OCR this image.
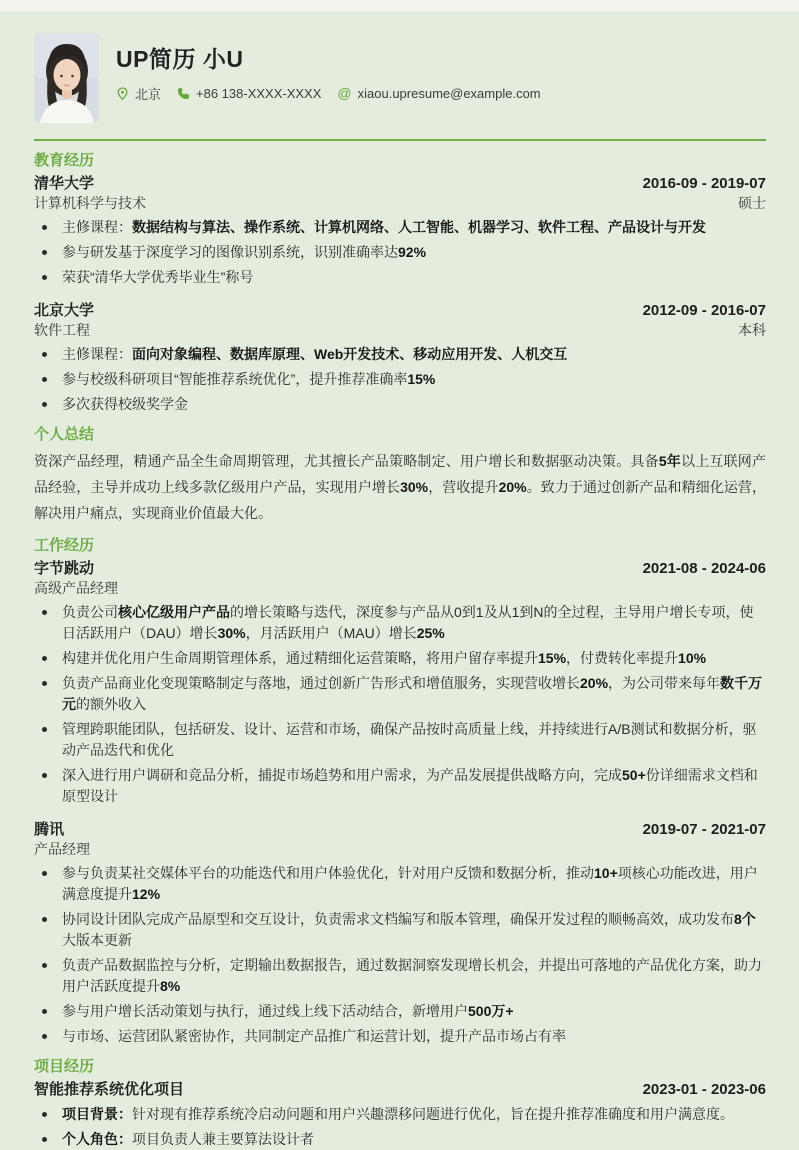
UP简历 小U
北京	+86 138-XXXX-XXXX @ xiaou.upresume@example.com
教育经历
清华大学	2016-09 - 2019-07
计算机科学与技术	硕士
主修课程：数据结构与算法、操作系统、计算机网络、人工智能、机器学习、软件工程、产品设计与开发
参与研发基于深度学习的图像识别系统，识别准确率达92%
荣获“清华大学优秀毕业生”称号
北京大学	2012-09 - 2016-07
软件工程	本科
主修课程：面向对象编程、数据库原理、Web开发技术、移动应用开发、人机交互
参与校级科研项目“智能推荐系统优化”，提升推荐准确率15%
多次获得校级奖学金
个人总结

资深产品经理，精通产品全生命周期管理，尤其擅长产品策略制定、用户增长和数据驱动决策。具备5年以上互联网产品经验，主导并成功上线多款亿级用户产品，实现用户增长30%，营收提升20%。致力于通过创新产品和精细化运营，解决用户痛点，实现商业价值最大化。

工作经历
字节跳动	2021-08 - 2024-06
高级产品经理
负责公司核心亿级用户产品的增长策略与迭代，深度参与产品从0到1及从1到N的全过程，主导用户增长专项，使日活跃用户（DAU）增长30%，月活跃用户（MAU）增长25%
构建并优化用户生命周期管理体系，通过精细化运营策略，将用户留存率提升15%，付费转化率提升10%
负责产品商业化变现策略制定与落地，通过创新广告形式和增值服务，实现营收增长20%，为公司带来每年数千万元的额外收入
管理跨职能团队，包括研发、设计、运营和市场，确保产品按时高质量上线，并持续进行A/B测试和数据分析，驱动产品迭代和优化
深入进行用户调研和竞品分析，捕捉市场趋势和用户需求，为产品发展提供战略方向，完成50+份详细需求文档和原型设计
腾讯	2019-07 - 2021-07
产品经理
参与负责某社交媒体平台的功能迭代和用户体验优化，针对用户反馈和数据分析，推动10+项核心功能改进，用户满意度提升12%
协同设计团队完成产品原型和交互设计，负责需求文档编写和版本管理，确保开发过程的顺畅高效，成功发布8个大版本更新
负责产品数据监控与分析，定期输出数据报告，通过数据洞察发现增长机会，并提出可落地的产品优化方案，助力用户活跃度提升8%
参与用户增长活动策划与执行，通过线上线下活动结合，新增用户500万+
与市场、运营团队紧密协作，共同制定产品推广和运营计划，提升产品市场占有率
项目经历
智能推荐系统优化项目	2023-01 - 2023-06
项目背景：针对现有推荐系统冷启动问题和用户兴趣漂移问题进行优化，旨在提升推荐准确度和用户满意度。
个人角色：项目负责人兼主要算法设计者
